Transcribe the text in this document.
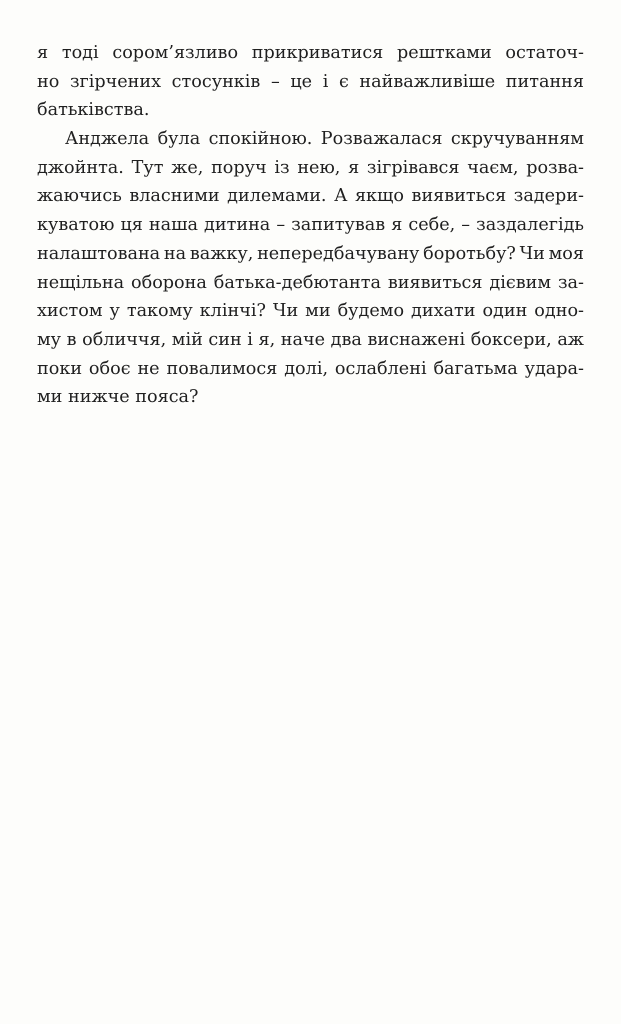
я тоді сором’язливо прикриватися рештками остаточ-
но згірчених стосунків – це і є найважливіше питання
батьківства.
Анджела була спокійною. Розважалася скручуванням
джойнта. Тут же, поруч із нею, я зігрівався чаєм, розва-
жаючись власними дилемами. А якщо виявиться задери-
куватою ця наша дитина – запитував я себе, – заздалегідь
налаштована на важку, непередбачувану боротьбу? Чи моя
нещільна оборона батька-дебютанта виявиться дієвим за-
хистом у такому клінчі? Чи ми будемо дихати один одно-
му в обличчя, мій син і я, наче два виснажені боксери, аж
поки обоє не повалимося долі, ослаблені багатьма удара-
ми нижче пояса?
